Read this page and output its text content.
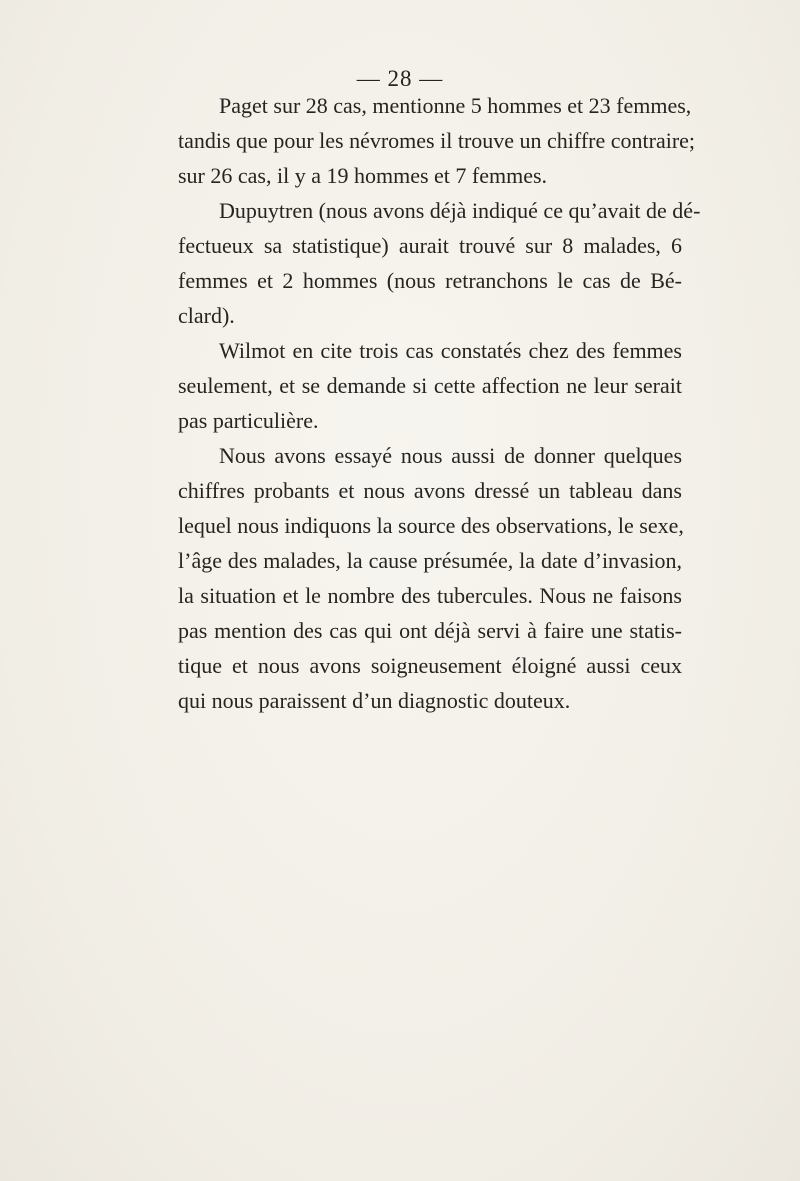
— 28 —

Paget sur 28 cas, mentionne 5 hommes et 23 femmes,
tandis que pour les névromes il trouve un chiffre contraire;
sur 26 cas, il y a 19 hommes et 7 femmes.

Dupuytren (nous avons déjà indiqué ce qu’avait de dé-
fectueux sa statistique) aurait trouvé sur 8 malades, 6
femmes et 2 hommes (nous retranchons le cas de Bé-
clard).

Wilmot en cite trois cas constatés chez des femmes
seulement, et se demande si cette affection ne leur serait
pas particulière.

Nous avons essayé nous aussi de donner quelques
chiffres probants et nous avons dressé un tableau dans
lequel nous indiquons la source des observations, le sexe,
l’âge des malades, la cause présumée, la date d’invasion,
la situation et le nombre des tubercules. Nous ne faisons
pas mention des cas qui ont déjà servi à faire une statis-
tique et nous avons soigneusement éloigné aussi ceux
qui nous paraissent d’un diagnostic douteux.
